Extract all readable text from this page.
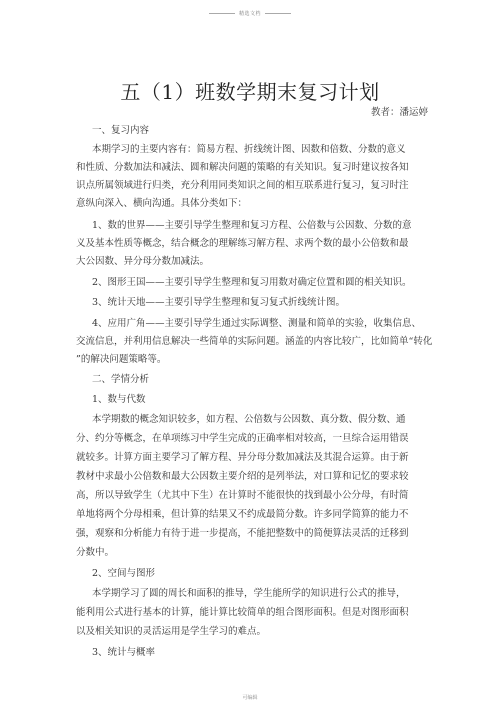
精选文档
五（1）班数学期末复习计划
教者：潘运婷
一、复习内容
本期学习的主要内容有：简易方程、折线统计图、因数和倍数、分数的意义
和性质、分数加法和减法、圆和解决问题的策略的有关知识。复习时建议按各知
识点所属领域进行归类，充分利用同类知识之间的相互联系进行复习，复习时注
意纵向深入、横向沟通。具体分类如下：
1、数的世界——主要引导学生整理和复习方程、公倍数与公因数、分数的意
义及基本性质等概念，结合概念的理解练习解方程、求两个数的最小公倍数和最
大公因数、异分母分数加减法。
2、图形王国——主要引导学生整理和复习用数对确定位置和圆的相关知识。
3、统计天地——主要引导学生整理和复习复式折线统计图。
4、应用广角——主要引导学生通过实际调整、测量和简单的实验，收集信息、
交流信息，并利用信息解决一些简单的实际问题。涵盖的内容比较广，比如简单“转化
”的解决问题策略等。
二、学情分析
1、数与代数
本学期数的概念知识较多，如方程、公倍数与公因数、真分数、假分数、通
分、约分等概念，在单项练习中学生完成的正确率相对较高，一旦综合运用错误
就较多。计算方面主要学习了解方程、异分母分数加减法及其混合运算。由于新
教材中求最小公倍数和最大公因数主要介绍的是列举法，对口算和记忆的要求较
高，所以导致学生（尤其中下生）在计算时不能很快的找到最小公分母，有时简
单地将两个分母相乘，但计算的结果又不约成最简分数。许多同学简算的能力不
强，观察和分析能力有待于进一步提高，不能把整数中的简便算法灵活的迁移到
分数中。
2、空间与图形
本学期学习了圆的周长和面积的推导，学生能所学的知识进行公式的推导，
能利用公式进行基本的计算，能计算比较简单的组合图形面积。但是对图形面积
以及相关知识的灵活运用是学生学习的难点。
3、统计与概率
可编辑
